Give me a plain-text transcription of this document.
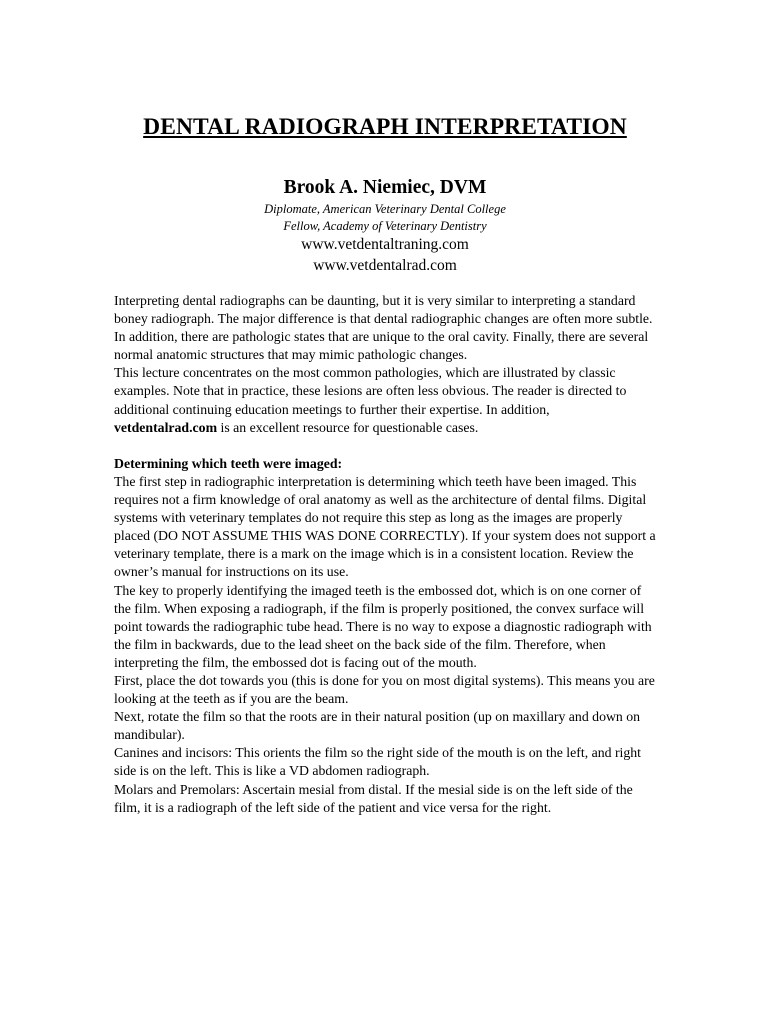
DENTAL RADIOGRAPH INTERPRETATION

Brook A. Niemiec, DVM

Diplomate, American Veterinary Dental College

Fellow, Academy of Veterinary Dentistry

www.vetdentaltraning.com

www.vetdentalrad.com

Interpreting dental radiographs can be daunting, but it is very similar to interpreting a standard boney radiograph. The major difference is that dental radiographic changes are often more subtle. In addition, there are pathologic states that are unique to the oral cavity. Finally, there are several normal anatomic structures that may mimic pathologic changes.

This lecture concentrates on the most common pathologies, which are illustrated by classic examples. Note that in practice, these lesions are often less obvious. The reader is directed to additional continuing education meetings to further their expertise. In addition, vetdentalrad.com is an excellent resource for questionable cases.

Determining which teeth were imaged:

The first step in radiographic interpretation is determining which teeth have been imaged. This requires not a firm knowledge of oral anatomy as well as the architecture of dental films. Digital systems with veterinary templates do not require this step as long as the images are properly placed (DO NOT ASSUME THIS WAS DONE CORRECTLY). If your system does not support a veterinary template, there is a mark on the image which is in a consistent location. Review the owner’s manual for instructions on its use.

The key to properly identifying the imaged teeth is the embossed dot, which is on one corner of the film. When exposing a radiograph, if the film is properly positioned, the convex surface will point towards the radiographic tube head. There is no way to expose a diagnostic radiograph with the film in backwards, due to the lead sheet on the back side of the film. Therefore, when interpreting the film, the embossed dot is facing out of the mouth.

First, place the dot towards you (this is done for you on most digital systems). This means you are looking at the teeth as if you are the beam.

Next, rotate the film so that the roots are in their natural position (up on maxillary and down on mandibular).

Canines and incisors: This orients the film so the right side of the mouth is on the left, and right side is on the left. This is like a VD abdomen radiograph.

Molars and Premolars: Ascertain mesial from distal. If the mesial side is on the left side of the film, it is a radiograph of the left side of the patient and vice versa for the right.
